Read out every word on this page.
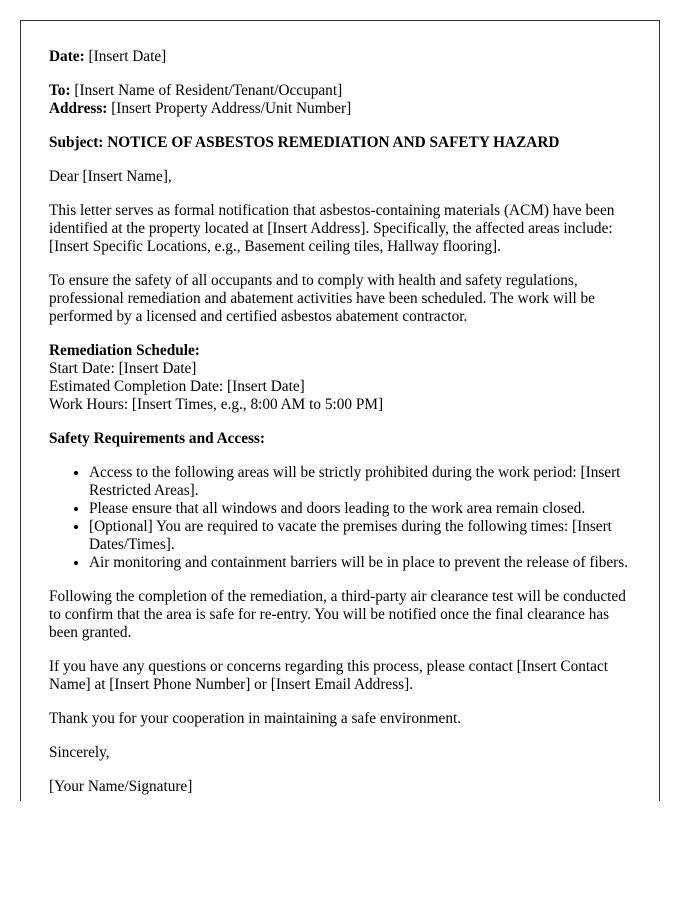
Date: [Insert Date]

To: [Insert Name of Resident/Tenant/Occupant]
Address: [Insert Property Address/Unit Number]

Subject: NOTICE OF ASBESTOS REMEDIATION AND SAFETY HAZARD

Dear [Insert Name],

This letter serves as formal notification that asbestos-containing materials (ACM) have been identified at the property located at [Insert Address]. Specifically, the affected areas include: [Insert Specific Locations, e.g., Basement ceiling tiles, Hallway flooring].

To ensure the safety of all occupants and to comply with health and safety regulations, professional remediation and abatement activities have been scheduled. The work will be performed by a licensed and certified asbestos abatement contractor.

Remediation Schedule:
Start Date: [Insert Date]
Estimated Completion Date: [Insert Date]
Work Hours: [Insert Times, e.g., 8:00 AM to 5:00 PM]

Safety Requirements and Access:

• Access to the following areas will be strictly prohibited during the work period: [Insert Restricted Areas].
• Please ensure that all windows and doors leading to the work area remain closed.
• [Optional] You are required to vacate the premises during the following times: [Insert Dates/Times].
• Air monitoring and containment barriers will be in place to prevent the release of fibers.

Following the completion of the remediation, a third-party air clearance test will be conducted to confirm that the area is safe for re-entry. You will be notified once the final clearance has been granted.

If you have any questions or concerns regarding this process, please contact [Insert Contact Name] at [Insert Phone Number] or [Insert Email Address].

Thank you for your cooperation in maintaining a safe environment.

Sincerely,

[Your Name/Signature]
